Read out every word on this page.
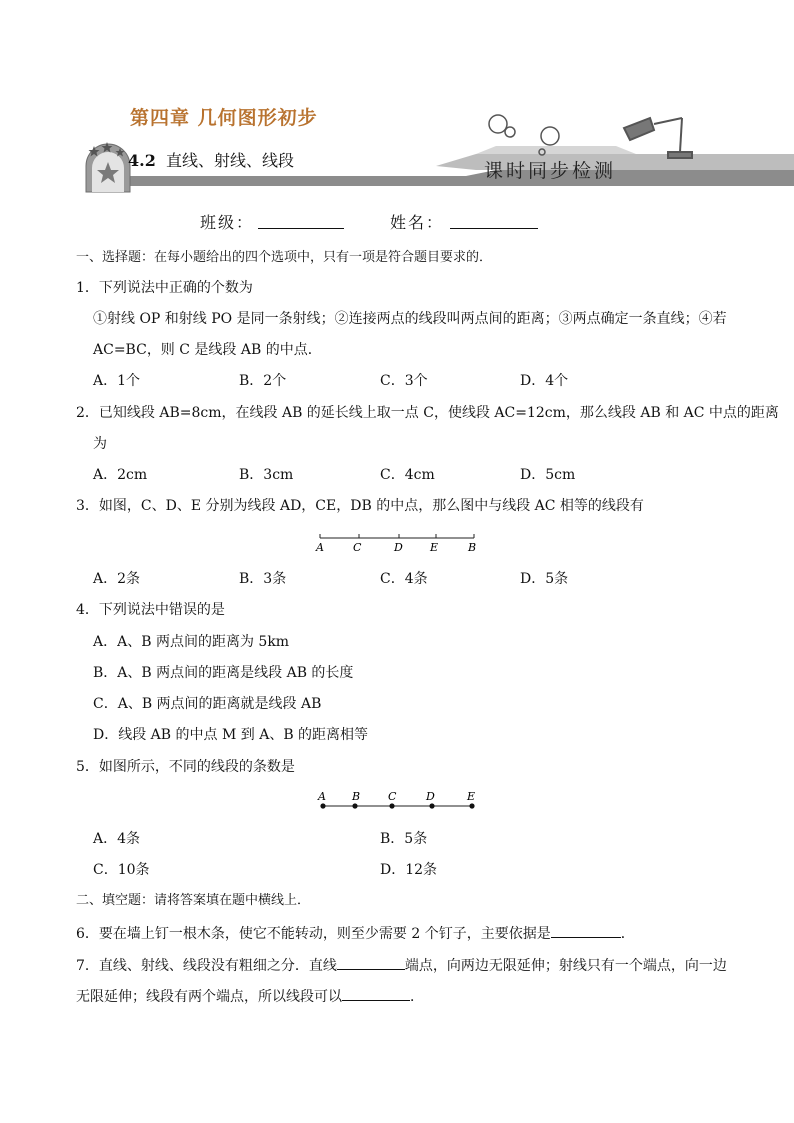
第四章 几何图形初步
4.2 直线、射线、线段	课时同步检测
班级：	姓名：
一、选择题：在每小题给出的四个选项中，只有一项是符合题目要求的．
1．下列说法中正确的个数为
①射线 OP 和射线 PO 是同一条射线；②连接两点的线段叫两点间的距离；③两点确定一条直线；④若
AC=BC，则 C 是线段 AB 的中点．
A．1个	B．2个	C．3个	D．4个
2．已知线段 AB=8cm，在线段 AB 的延长线上取一点 C，使线段 AC=12cm，那么线段 AB 和 AC 中点的距离
为
A．2cm	B．3cm	C．4cm	D．5cm
3．如图，C、D、E 分别为线段 AD，CE，DB 的中点，那么图中与线段 AC 相等的线段有
A	C	D E	B
A．2条	B．3条	C．4条	D．5条
4．下列说法中错误的是
A．A、B 两点间的距离为 5km
B．A、B 两点间的距离是线段 AB 的长度
C．A、B 两点间的距离就是线段 AB
D．线段 AB 的中点 M 到 A、B 的距离相等
5．如图所示，不同的线段的条数是
A B	C	D	E
A．4条	B．5条
C．10条	D．12条
二、填空题：请将答案填在题中横线上．
6．要在墙上钉一根木条，使它不能转动，则至少需要 2 个钉子，主要依据是	．
7．直线、射线、线段没有粗细之分．直线	端点，向两边无限延伸；射线只有一个端点，向一边
无限延伸；线段有两个端点，所以线段可以	．
